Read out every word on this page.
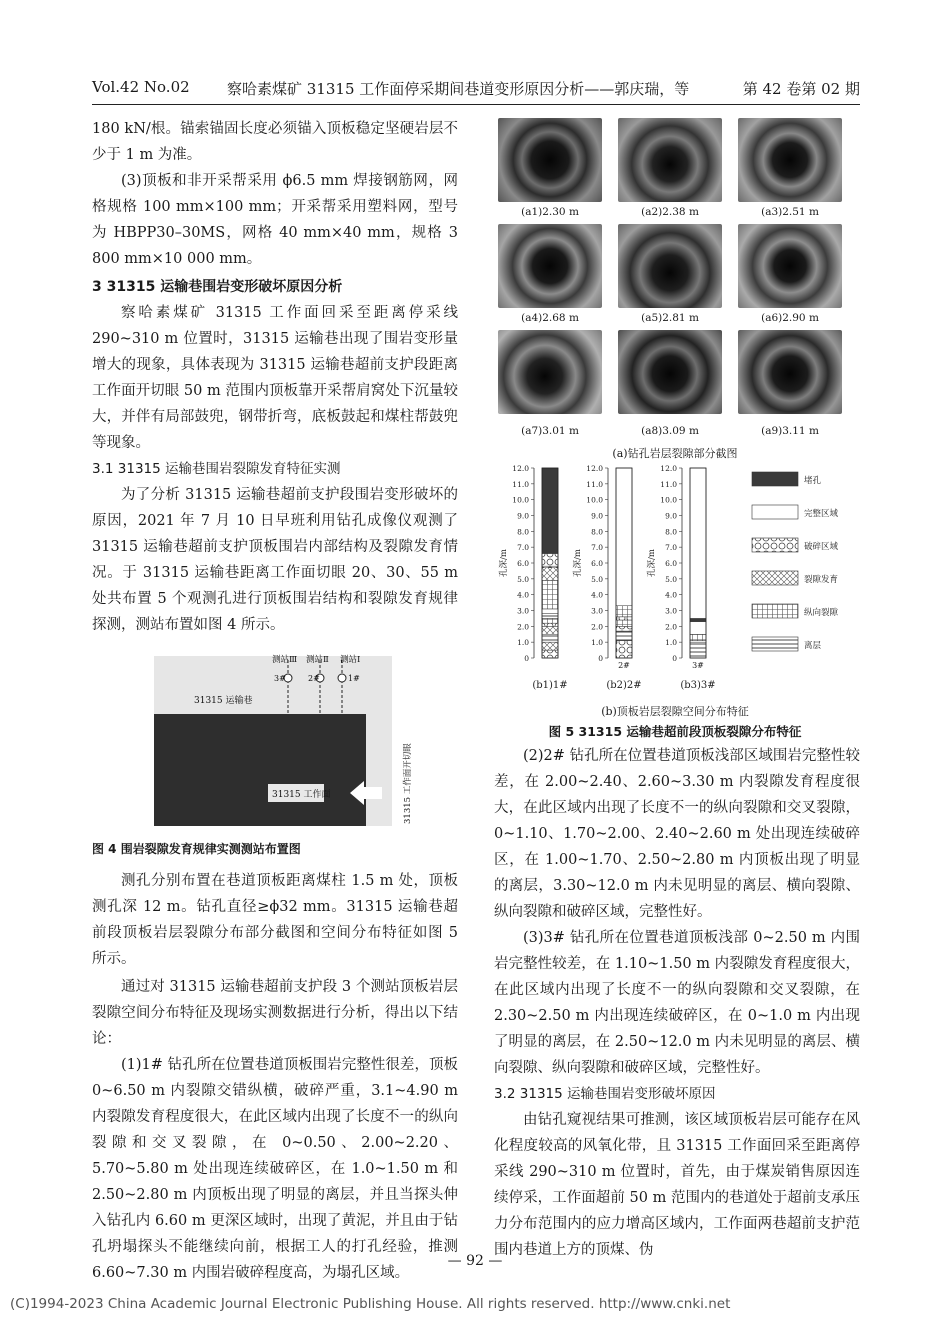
Vol.42 No.02 察哈素煤矿 31315 工作面停采期间巷道变形原因分析——郭庆瑞，等	第 42 卷第 02 期

180 kN/根。锚索锚固长度必须锚入顶板稳定坚硬岩层不少于 1 m 为准。

(3)顶板和非开采帮采用 ϕ6.5 mm 焊接钢筋网，网格规格 100 mm×100 mm；开采帮采用塑料网，型号为 HBPP30–30MS，网格 40 mm×40 mm，规格 3 800 mm×10 000 mm。

3 31315 运输巷围岩变形破坏原因分析

察哈素煤矿 31315 工作面回采至距离停采线 290~310 m 位置时，31315 运输巷出现了围岩变形量增大的现象，具体表现为 31315 运输巷超前支护段距离工作面开切眼 50 m 范围内顶板靠开采帮肩窝处下沉量较大，并伴有局部鼓兜，钢带折弯，底板鼓起和煤柱帮鼓兜等现象。

3.1 31315 运输巷围岩裂隙发育特征实测

为了分析 31315 运输巷超前支护段围岩变形破坏的原因，2021 年 7 月 10 日早班利用钻孔成像仪观测了 31315 运输巷超前支护顶板围岩内部结构及裂隙发育情况。于 31315 运输巷距离工作面切眼 20、30、55 m 处共布置 5 个观测孔进行顶板围岩结构和裂隙发育规律探测，测站布置如图 4 所示。

测站Ⅲ 测站Ⅱ 测站Ⅰ
3#	2#	1#
31315 运输巷
31315 工作面	31315 工作面开切眼

图 4 围岩裂隙发育规律实测测站布置图

测孔分别布置在巷道顶板距离煤柱 1.5 m 处，顶板测孔深 12 m。钻孔直径≥ϕ32 mm。31315 运输巷超前段顶板岩层裂隙分布部分截图和空间分布特征如图 5 所示。

通过对 31315 运输巷超前支护段 3 个测站顶板岩层裂隙空间分布特征及现场实测数据进行分析，得出以下结论：

(1)1# 钻孔所在位置巷道顶板围岩完整性很差，顶板 0~6.50 m 内裂隙交错纵横，破碎严重，3.1~4.90 m 内裂隙发育程度很大，在此区域内出现了长度不一的纵向裂隙和交叉裂隙，在 0~0.50、2.00~2.20、5.70~5.80 m 处出现连续破碎区，在 1.0~1.50 m 和 2.50~2.80 m 内顶板出现了明显的离层，并且当探头伸入钻孔内 6.60 m 更深区域时，出现了黄泥，并且由于钻孔坍塌探头不能继续向前，根据工人的打孔经验，推测 6.60~7.30 m 内围岩破碎程度高，为塌孔区域。

(a1)2.30 m	(a2)2.38 m	(a3)2.51 m
(a4)2.68 m	(a5)2.81 m	(a6)2.90 m
(a7)3.01 m	(a8)3.09 m	(a9)3.11 m
(a)钻孔岩层裂隙部分截图
12.0
11.0
10.0
9.0
8.0
7.0
6.0
5.0
4.0
3.0
2.0
1.0
0
孔深/m
12.0
11.0
10.0
9.0
8.0
7.0
6.0
5.0
4.0
3.0
2.0
1.0
0
孔深/m
12.0
11.0
10.0
9.0
8.0
7.0
6.0
5.0
4.0
3.0
2.0
1.0
0
孔深/m
2#	3#
(b1)1#	(b2)2#	(b3)3#
堵孔
完整区域
破碎区域
裂隙发育
纵向裂隙
离层
(b)顶板岩层裂隙空间分布特征
图 5 31315 运输巷超前段顶板裂隙分布特征

(2)2# 钻孔所在位置巷道顶板浅部区域围岩完整性较差，在 2.00~2.40、2.60~3.30 m 内裂隙发育程度很大，在此区域内出现了长度不一的纵向裂隙和交叉裂隙，0~1.10、1.70~2.00、2.40~2.60 m 处出现连续破碎区，在 1.00~1.70、2.50~2.80 m 内顶板出现了明显的离层，3.30~12.0 m 内未见明显的离层、横向裂隙、纵向裂隙和破碎区域，完整性好。

(3)3# 钻孔所在位置巷道顶板浅部 0~2.50 m 内围岩完整性较差，在 1.10~1.50 m 内裂隙发育程度很大，在此区域内出现了长度不一的纵向裂隙和交叉裂隙，在 2.30~2.50 m 内出现连续破碎区，在 0~1.0 m 内出现了明显的离层，在 2.50~12.0 m 内未见明显的离层、横向裂隙、纵向裂隙和破碎区域，完整性好。

3.2 31315 运输巷围岩变形破坏原因

由钻孔窥视结果可推测，该区域顶板岩层可能存在风化程度较高的风氧化带，且 31315 工作面回采至距离停采线 290~310 m 位置时，首先，由于煤炭销售原因连续停采，工作面超前 50 m 范围内的巷道处于超前支承压力分布范围内的应力增高区域内，工作面两巷超前支护范围内巷道上方的顶煤、伪

— 92 —
(C)1994-2023 China Academic Journal Electronic Publishing House. All rights reserved. http://www.cnki.net
